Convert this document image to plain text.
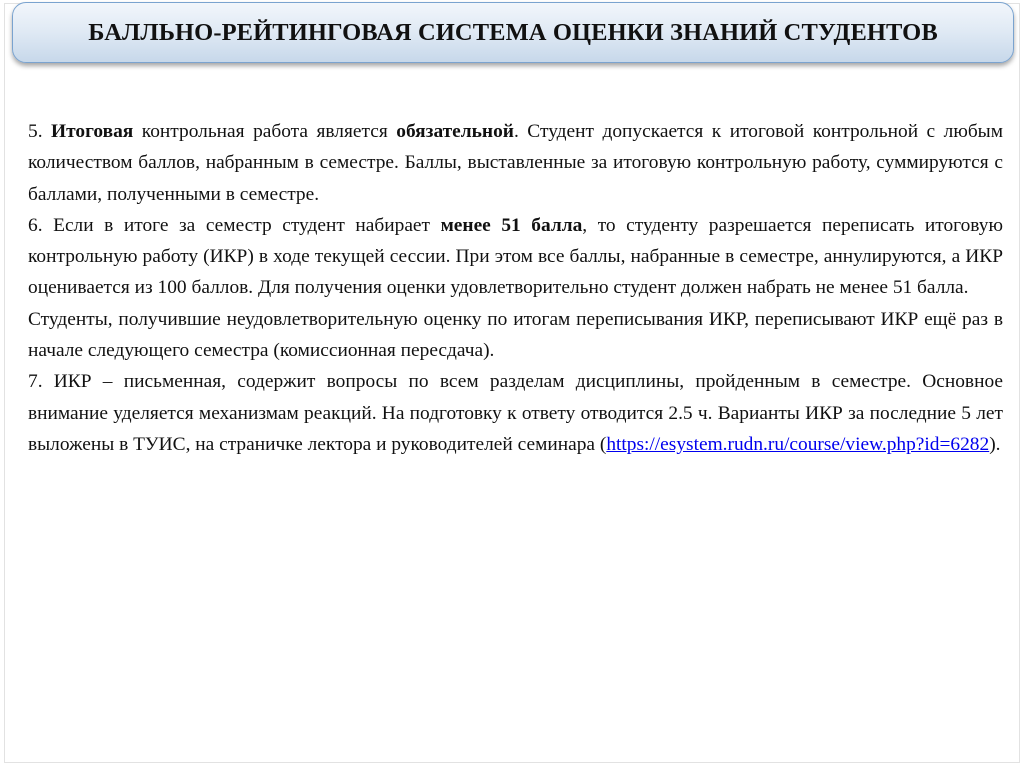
БАЛЛЬНО-РЕЙТИНГОВАЯ СИСТЕМА ОЦЕНКИ ЗНАНИЙ СТУДЕНТОВ

5. Итоговая контрольная работа является обязательной. Студент допускается к итоговой контрольной с любым количеством баллов, набранным в семестре. Баллы, выставленные за итоговую контрольную работу, суммируются с баллами, полученными в семестре.

6. Если в итоге за семестр студент набирает менее 51 балла, то студенту разрешается переписать итоговую контрольную работу (ИКР) в ходе текущей сессии. При этом все баллы, набранные в семестре, аннулируются, а ИКР оценивается из 100 баллов. Для получения оценки удовлетворительно студент должен набрать не менее 51 балла.

Студенты, получившие неудовлетворительную оценку по итогам переписывания ИКР, переписывают ИКР ещё раз в начале следующего семестра (комиссионная пересдача).

7. ИКР – письменная, содержит вопросы по всем разделам дисциплины, пройденным в семестре. Основное внимание уделяется механизмам реакций. На подготовку к ответу отводится 2.5 ч. Варианты ИКР за последние 5 лет выложены в ТУИС, на страничке лектора и руководителей семинара (https://esystem.rudn.ru/course/view.php?id=6282).
